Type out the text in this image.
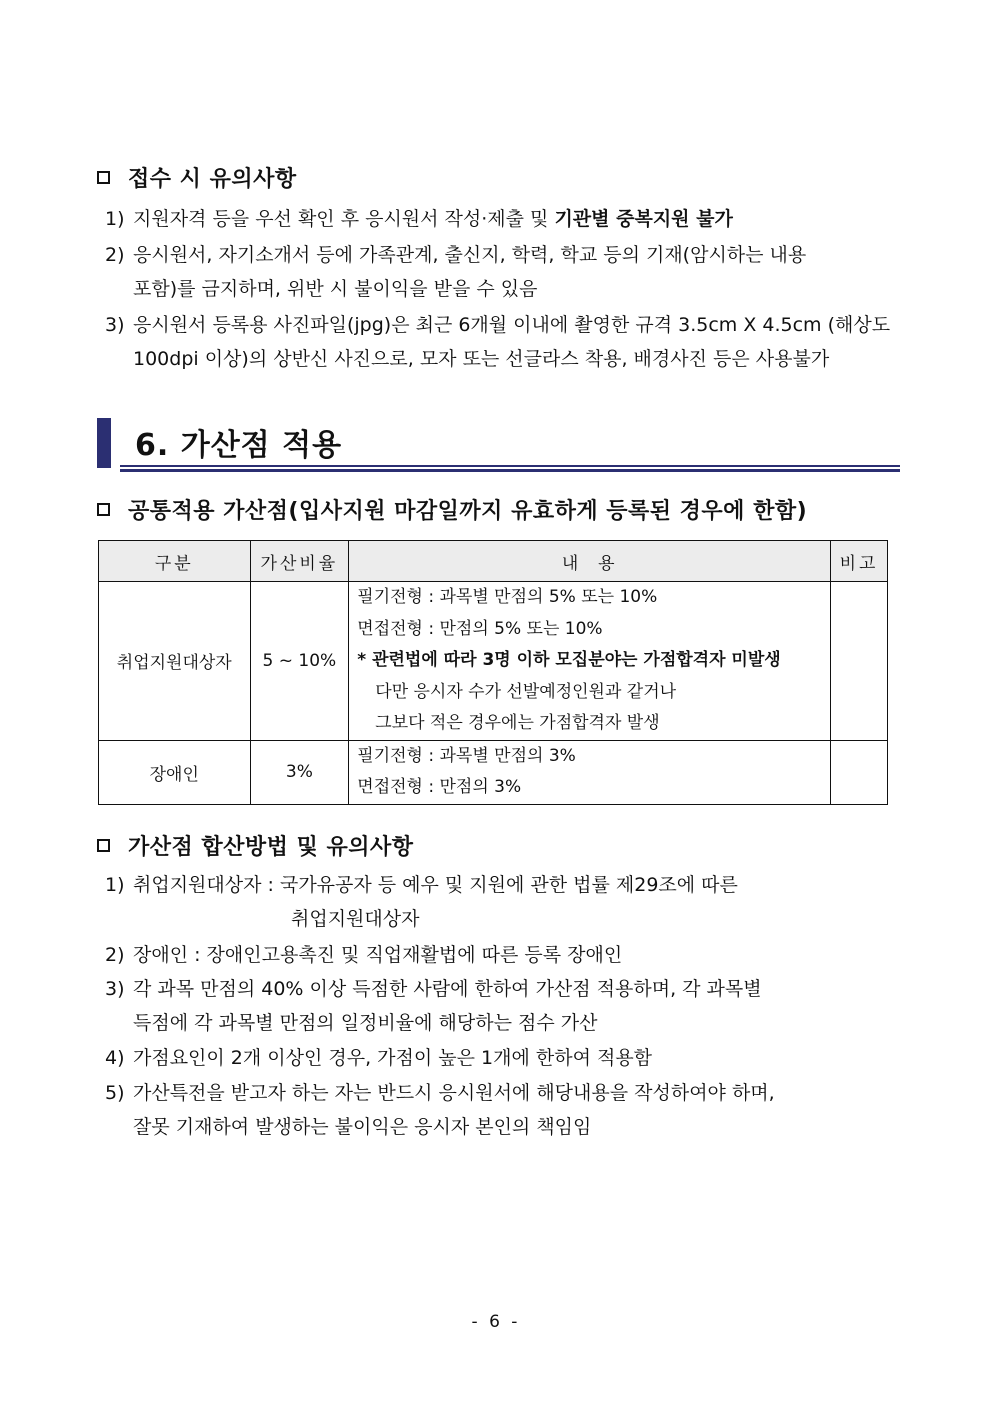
접수 시 유의사항
1) 지원자격 등을 우선 확인 후 응시원서 작성·제출 및 기관별 중복지원 불가
2) 응시원서, 자기소개서 등에 가족관계, 출신지, 학력, 학교 등의 기재(암시하는 내용
포함)를 금지하며, 위반 시 불이익을 받을 수 있음
3) 응시원서 등록용 사진파일(jpg)은 최근 6개월 이내에 촬영한 규격 3.5cm X 4.5cm (해상도
100dpi 이상)의 상반신 사진으로, 모자 또는 선글라스 착용, 배경사진 등은 사용불가
6. 가산점 적용
공통적용 가산점(입사지원 마감일까지 유효하게 등록된 경우에 한함)
구분	가산비율	내  용	비고
취업지원대상자	5 ~ 10%	필기전형 : 과목별 만점의 5% 또는 10%
면접전형 : 만점의 5% 또는 10%
* 관련법에 따라 3명 이하 모집분야는 가점합격자 미발생
다만 응시자 수가 선발예정인원과 같거나
그보다 적은 경우에는 가점합격자 발생	

장애인	3%	필기전형 : 과목별 만점의 3%
면접전형 : 만점의 3%	

가산점 합산방법 및 유의사항
1) 취업지원대상자 : 국가유공자 등 예우 및 지원에 관한 법률 제29조에 따른
취업지원대상자
2) 장애인 : 장애인고용촉진 및 직업재활법에 따른 등록 장애인
3) 각 과목 만점의 40% 이상 득점한 사람에 한하여 가산점 적용하며, 각 과목별
득점에 각 과목별 만점의 일정비율에 해당하는 점수 가산
4) 가점요인이 2개 이상인 경우, 가점이 높은 1개에 한하여 적용함
5) 가산특전을 받고자 하는 자는 반드시 응시원서에 해당내용을 작성하여야 하며,
잘못 기재하여 발생하는 불이익은 응시자 본인의 책임임
- 6 -
